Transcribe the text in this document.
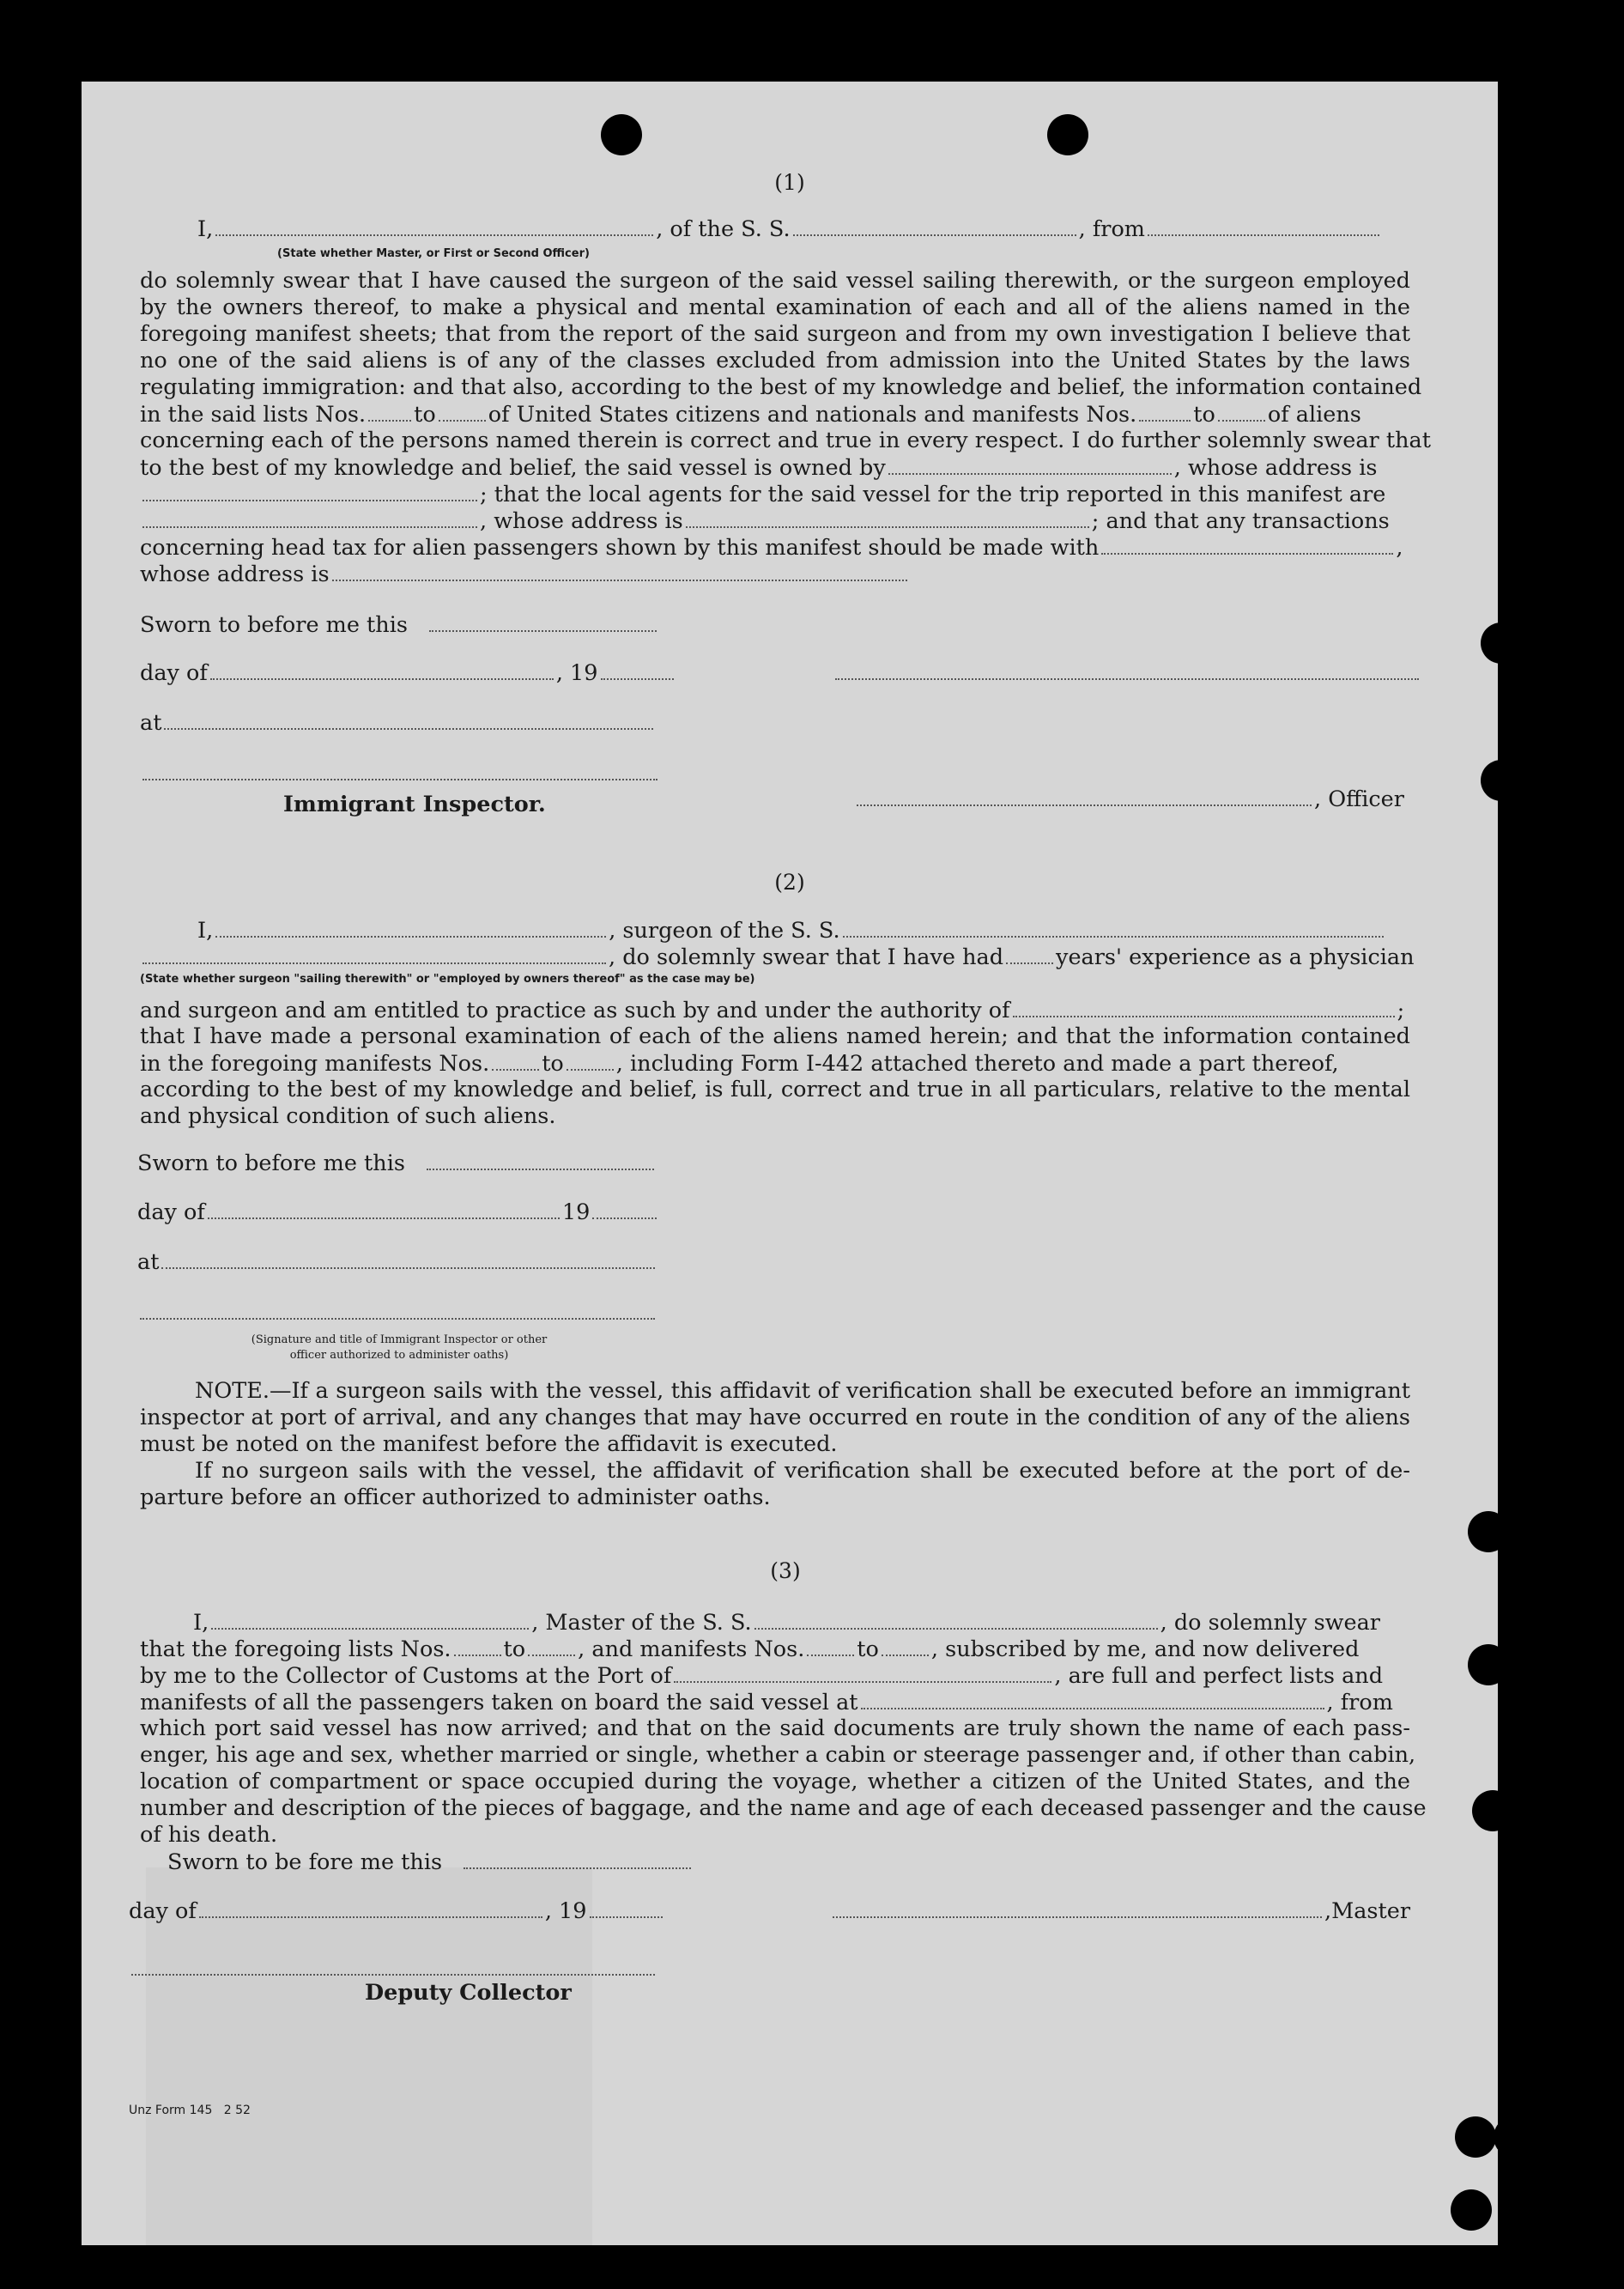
(1)
I,	, of the S. S.	, from
(State whether Master, or First or Second Officer)
do solemnly swear that I have caused the surgeon of the said vessel sailing therewith, or the surgeon employed
by the owners thereof, to make a physical and mental examination of each and all of the aliens named in the
foregoing manifest sheets; that from the report of the said surgeon and from my own investigation I believe that
no one of the said aliens is of any of the classes excluded from admission into the United States by the laws
regulating immigration: and that also, according to the best of my knowledge and belief, the information contained
in the said lists Nos. to of United States citizens and nationals and manifests Nos.	to of aliens
concerning each of the persons named therein is correct and true in every respect. I do further solemnly swear that
to the best of my knowledge and belief, the said vessel is owned by	, whose address is
; that the local agents for the said vessel for the trip reported in this manifest are
, whose address is	; and that any transactions
concerning head tax for alien passengers shown by this manifest should be made with	,
whose address is
Sworn to before me this
day of	, 19
at
Immigrant Inspector.	, Officer
(2)
I,	, surgeon of the S. S.
, do solemnly swear that I have had years' experience as a physician
(State whether surgeon "sailing therewith" or "employed by owners thereof" as the case may be)
and surgeon and am entitled to practice as such by and under the authority of	;
that I have made a personal examination of each of the aliens named herein; and that the information contained
in the foregoing manifests Nos. to , including Form I-442 attached thereto and made a part thereof,
according to the best of my knowledge and belief, is full, correct and true in all particulars, relative to the mental
and physical condition of such aliens.
Sworn to before me this
day of	19
at
(Signature and title of Immigrant Inspector or other
officer authorized to administer oaths)
NOTE.—If a surgeon sails with the vessel, this affidavit of verification shall be executed before an immigrant
inspector at port of arrival, and any changes that may have occurred en route in the condition of any of the aliens
must be noted on the manifest before the affidavit is executed.
If no surgeon sails with the vessel, the affidavit of verification shall be executed before at the port of de-
parture before an officer authorized to administer oaths.
(3)
I,	, Master of the S. S.	, do solemnly swear
that the foregoing lists Nos. to , and manifests Nos. to , subscribed by me, and now delivered
by me to the Collector of Customs at the Port of	, are full and perfect lists and
manifests of all the passengers taken on board the said vessel at	, from
which port said vessel has now arrived; and that on the said documents are truly shown the name of each pass-
enger, his age and sex, whether married or single, whether a cabin or steerage passenger and, if other than cabin,
location of compartment or space occupied during the voyage, whether a citizen of the United States, and the
number and description of the pieces of baggage, and the name and age of each deceased passenger and the cause
of his death.
Sworn to be fore me this
day of	, 19	,Master
Deputy Collector
Unz Form 145   2 52
